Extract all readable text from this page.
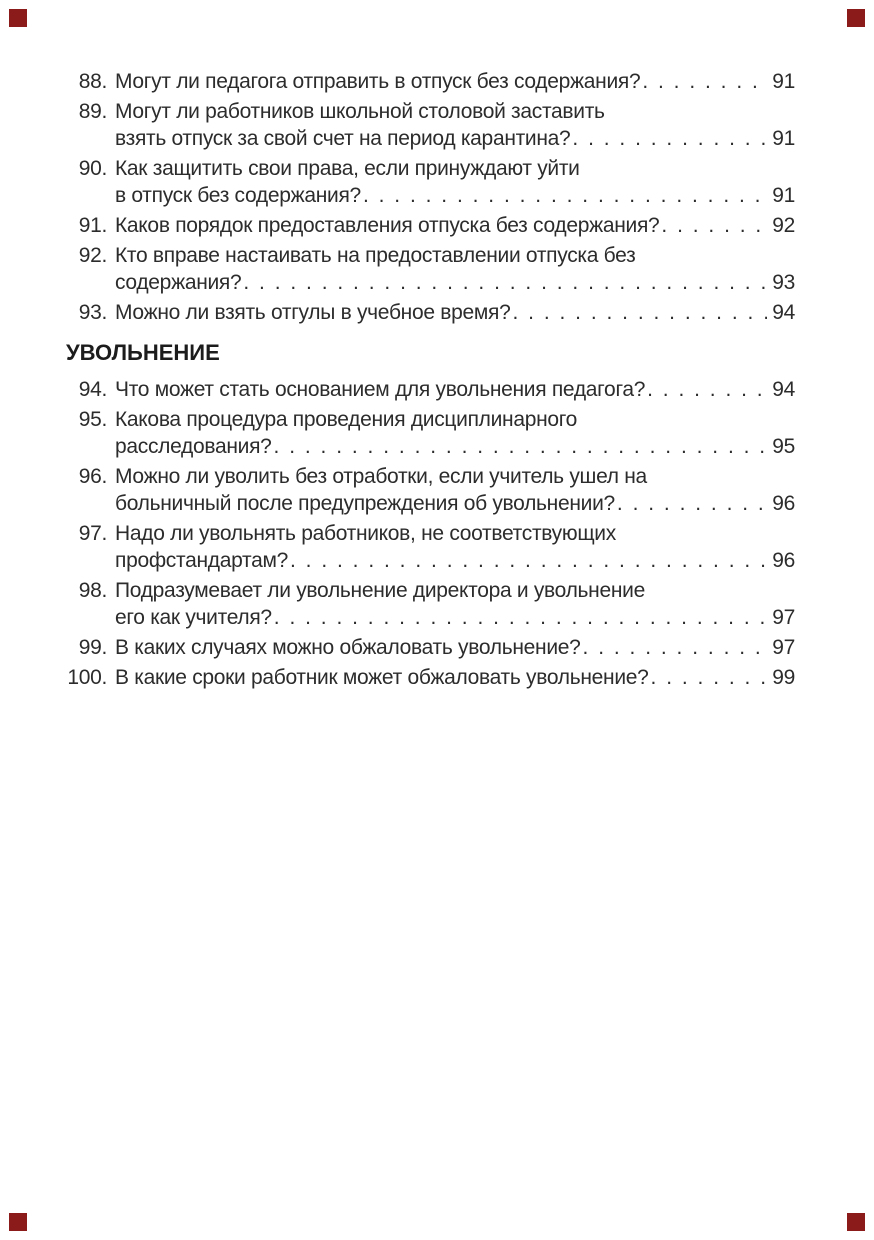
88. Могут ли педагога отправить в отпуск без содержания? . . .	91
89. Могут ли работников школьной столовой заставить
взять отпуск за свой счет на период карантина? . . .	91
90. Как защитить свои права, если принуждают уйти
в отпуск без содержания? . . .	91
91. Каков порядок предоставления отпуска без содержания? . . .	92
92. Кто вправе настаивать на предоставлении отпуска без
содержания? . . .	93
93. Можно ли взять отгулы в учебное время? . . .	94
УВОЛЬНЕНИЕ
94. Что может стать основанием для увольнения педагога? . . .	94
95. Какова процедура проведения дисциплинарного
расследования? . . .	95
96. Можно ли уволить без отработки, если учитель ушел на
больничный после предупреждения об увольнении? . . .	96
97. Надо ли увольнять работников, не соответствующих
профстандартам? . . .	96
98. Подразумевает ли увольнение директора и увольнение
его как учителя? . . .	97
99. В каких случаях можно обжаловать увольнение? . . .	97
100. В какие сроки работник может обжаловать увольнение? . . .	99
